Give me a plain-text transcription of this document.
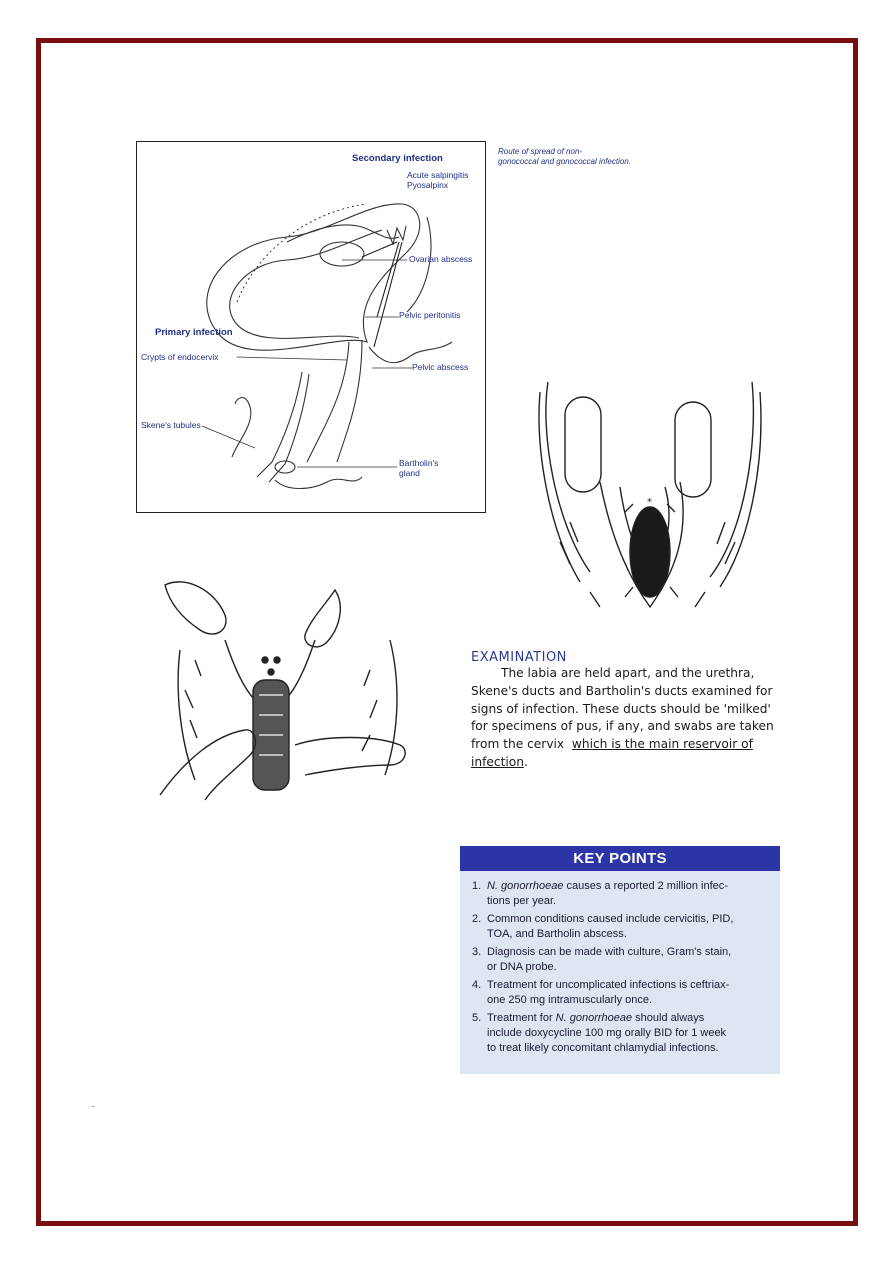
Secondary infection
Acute salpingitis
Pyosalpinx
Ovarian abscess
Pelvic peritonitis
Primary infection
Crypts of endocervix
Pelvic abscess
Skene's tubules
Bartholin's
gland
Route of spread of non-
gonococcal and gonococcal infection.
*
EXAMINATION
The labia are held apart, and the urethra,
Skene's ducts and Bartholin's ducts examined for
signs of infection. These ducts should be 'milked'
for specimens of pus, if any, and swabs are taken
from the cervix which is the main reservoir of
infection.
KEY POINTS
1. N. gonorrhoeae causes a reported 2 million infec-
tions per year.
2. Common conditions caused include cervicitis, PID,
TOA, and Bartholin abscess.
3. Diagnosis can be made with culture, Gram's stain,
or DNA probe.
4. Treatment for uncomplicated infections is ceftriax-
one 250 mg intramuscularly once.
5. Treatment for N. gonorrhoeae should always
include doxycycline 100 mg orally BID for 1 week
to treat likely concomitant chlamydial infections.
